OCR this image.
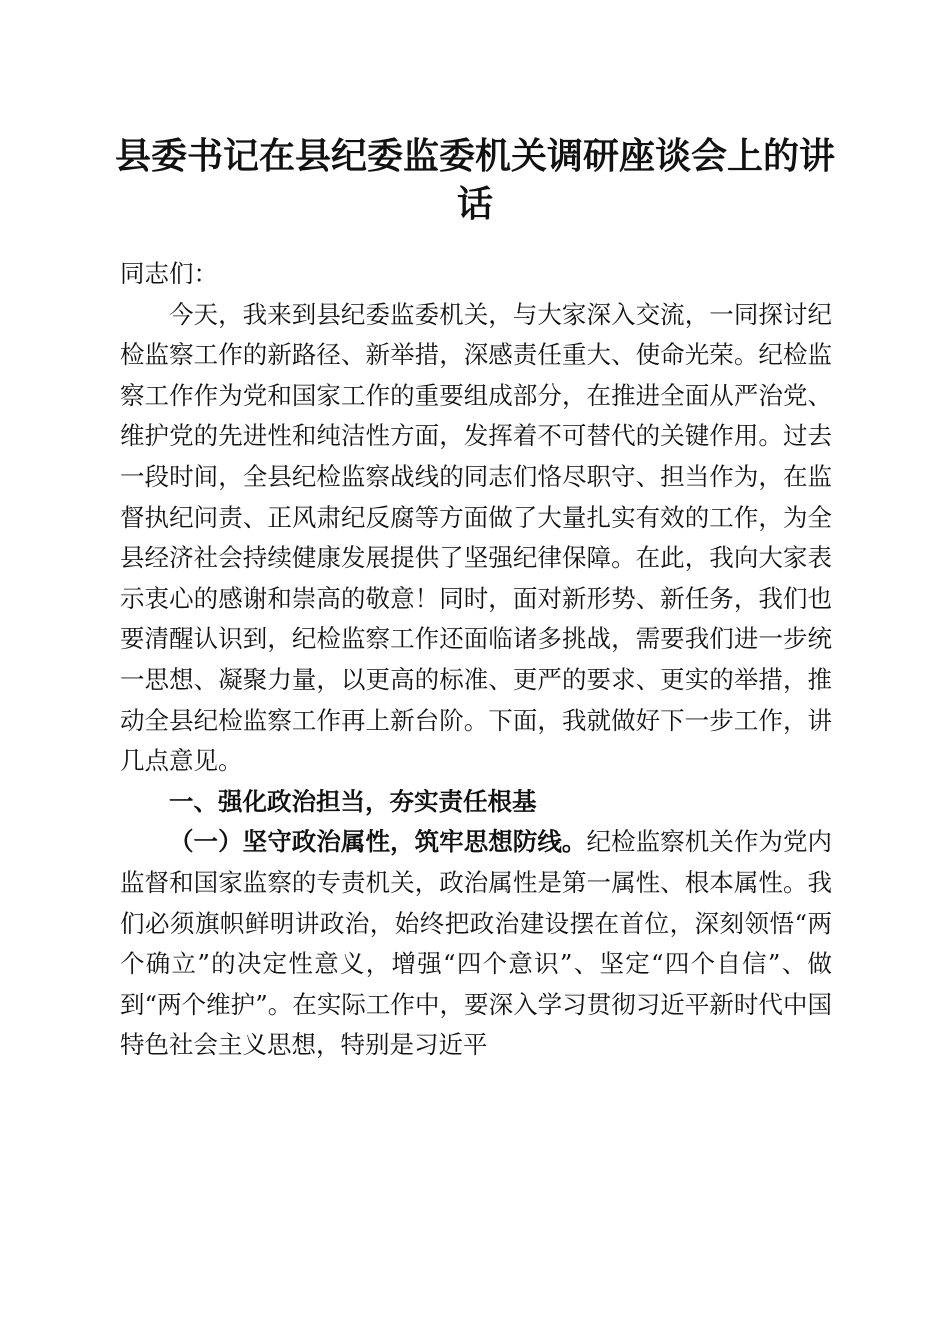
县委书记在县纪委监委机关调研座谈会上的讲话

同志们：

今天，我来到县纪委监委机关，与大家深入交流，一同探讨纪检监察工作的新路径、新举措，深感责任重大、使命光荣。纪检监察工作作为党和国家工作的重要组成部分，在推进全面从严治党、维护党的先进性和纯洁性方面，发挥着不可替代的关键作用。过去一段时间，全县纪检监察战线的同志们恪尽职守、担当作为，在监督执纪问责、正风肃纪反腐等方面做了大量扎实有效的工作，为全县经济社会持续健康发展提供了坚强纪律保障。在此，我向大家表示衷心的感谢和崇高的敬意！同时，面对新形势、新任务，我们也要清醒认识到，纪检监察工作还面临诸多挑战，需要我们进一步统一思想、凝聚力量，以更高的标准、更严的要求、更实的举措，推动全县纪检监察工作再上新台阶。下面，我就做好下一步工作，讲几点意见。

一、强化政治担当，夯实责任根基

（一）坚守政治属性，筑牢思想防线。纪检监察机关作为党内监督和国家监察的专责机关，政治属性是第一属性、根本属性。我们必须旗帜鲜明讲政治，始终把政治建设摆在首位，深刻领悟“两个确立”的决定性意义，增强“四个意识”、坚定“四个自信”、做到“两个维护”。在实际工作中，要深入学习贯彻习近平新时代中国特色社会主义思想，特别是习近平
